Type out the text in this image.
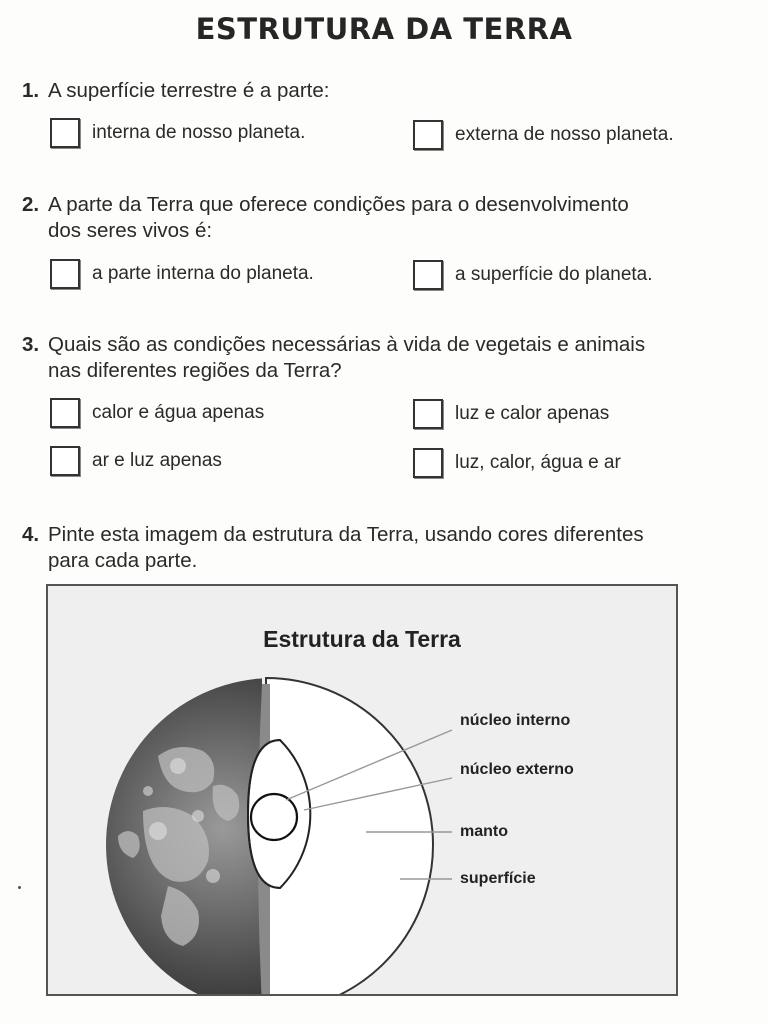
ESTRUTURA DA TERRA
1. A superfície terrestre é a parte:
interna de nosso planeta.	externa de nosso planeta.
2. A parte da Terra que oferece condições para o desenvolvimento
dos seres vivos é:
a parte interna do planeta.	a superfície do planeta.
3. Quais são as condições necessárias à vida de vegetais e animais
nas diferentes regiões da Terra?
calor e água apenas	luz e calor apenas
ar e luz apenas	luz, calor, água e ar
4. Pinte esta imagem da estrutura da Terra, usando cores diferentes
para cada parte.
Estrutura da Terra
núcleo interno
núcleo externo
manto
superfície
